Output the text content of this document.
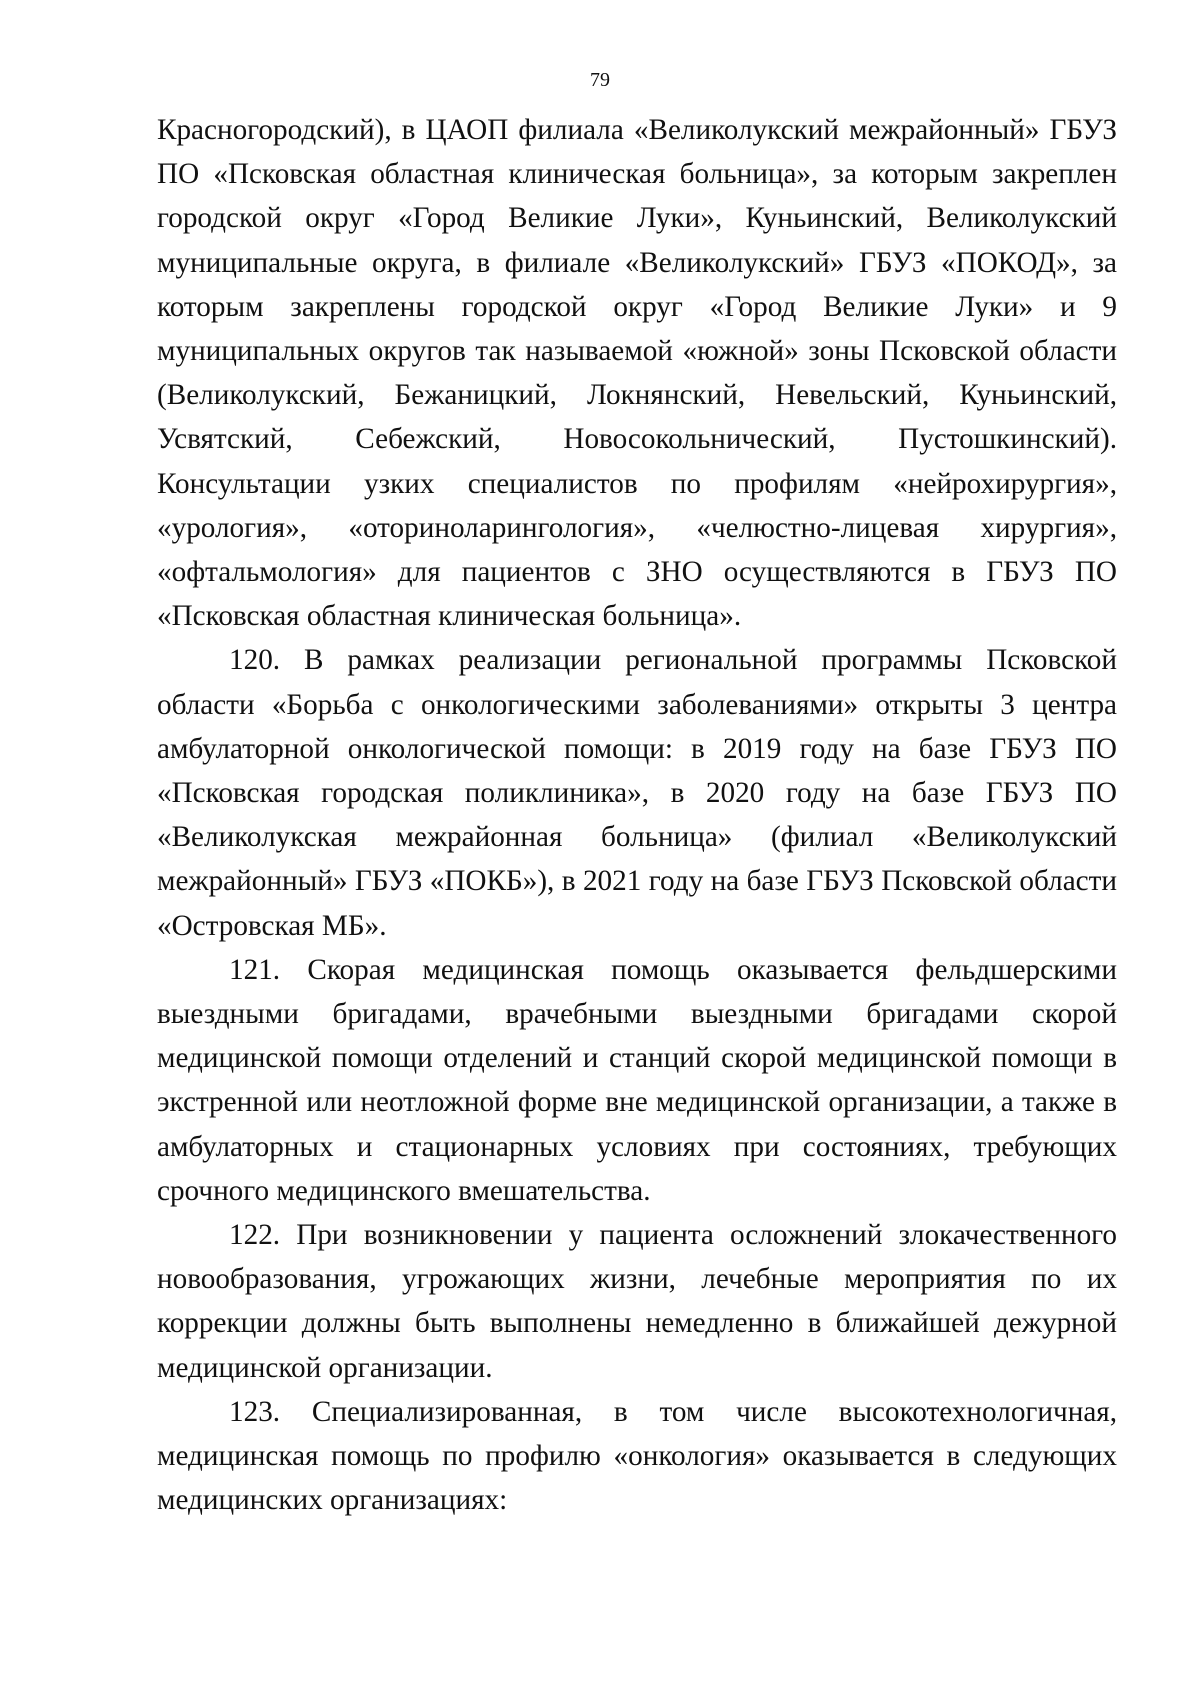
79

Красногородский), в ЦАОП филиала «Великолукский межрайонный» ГБУЗ ПО «Псковская областная клиническая больница», за которым закреплен городской округ «Город Великие Луки», Куньинский, Великолукский муниципальные округа, в филиале «Великолукский» ГБУЗ «ПОКОД», за которым закреплены городской округ «Город Великие Луки» и 9 муниципальных округов так называемой «южной» зоны Псковской области (Великолукский, Бежаницкий, Локнянский, Невельский, Куньинский, Усвятский, Себежский, Новосокольнический, Пустошкинский). Консультации узких специалистов по профилям «нейрохирургия», «урология», «оториноларингология», «челюстно-лицевая хирургия», «офтальмология» для пациентов с ЗНО осуществляются в ГБУЗ ПО «Псковская областная клиническая больница».

120. В рамках реализации региональной программы Псковской области «Борьба с онкологическими заболеваниями» открыты 3 центра амбулаторной онкологической помощи: в 2019 году на базе ГБУЗ ПО «Псковская городская поликлиника», в 2020 году на базе ГБУЗ ПО «Великолукская межрайонная больница» (филиал «Великолукский межрайонный» ГБУЗ «ПОКБ»), в 2021 году на базе ГБУЗ Псковской области «Островская МБ».

121. Скорая медицинская помощь оказывается фельдшерскими выездными бригадами, врачебными выездными бригадами скорой медицинской помощи отделений и станций скорой медицинской помощи в экстренной или неотложной форме вне медицинской организации, а также в амбулаторных и стационарных условиях при состояниях, требующих срочного медицинского вмешательства.

122. При возникновении у пациента осложнений злокачественного новообразования, угрожающих жизни, лечебные мероприятия по их коррекции должны быть выполнены немедленно в ближайшей дежурной медицинской организации.

123. Специализированная, в том числе высокотехнологичная, медицинская помощь по профилю «онкология» оказывается в следующих медицинских организациях:
